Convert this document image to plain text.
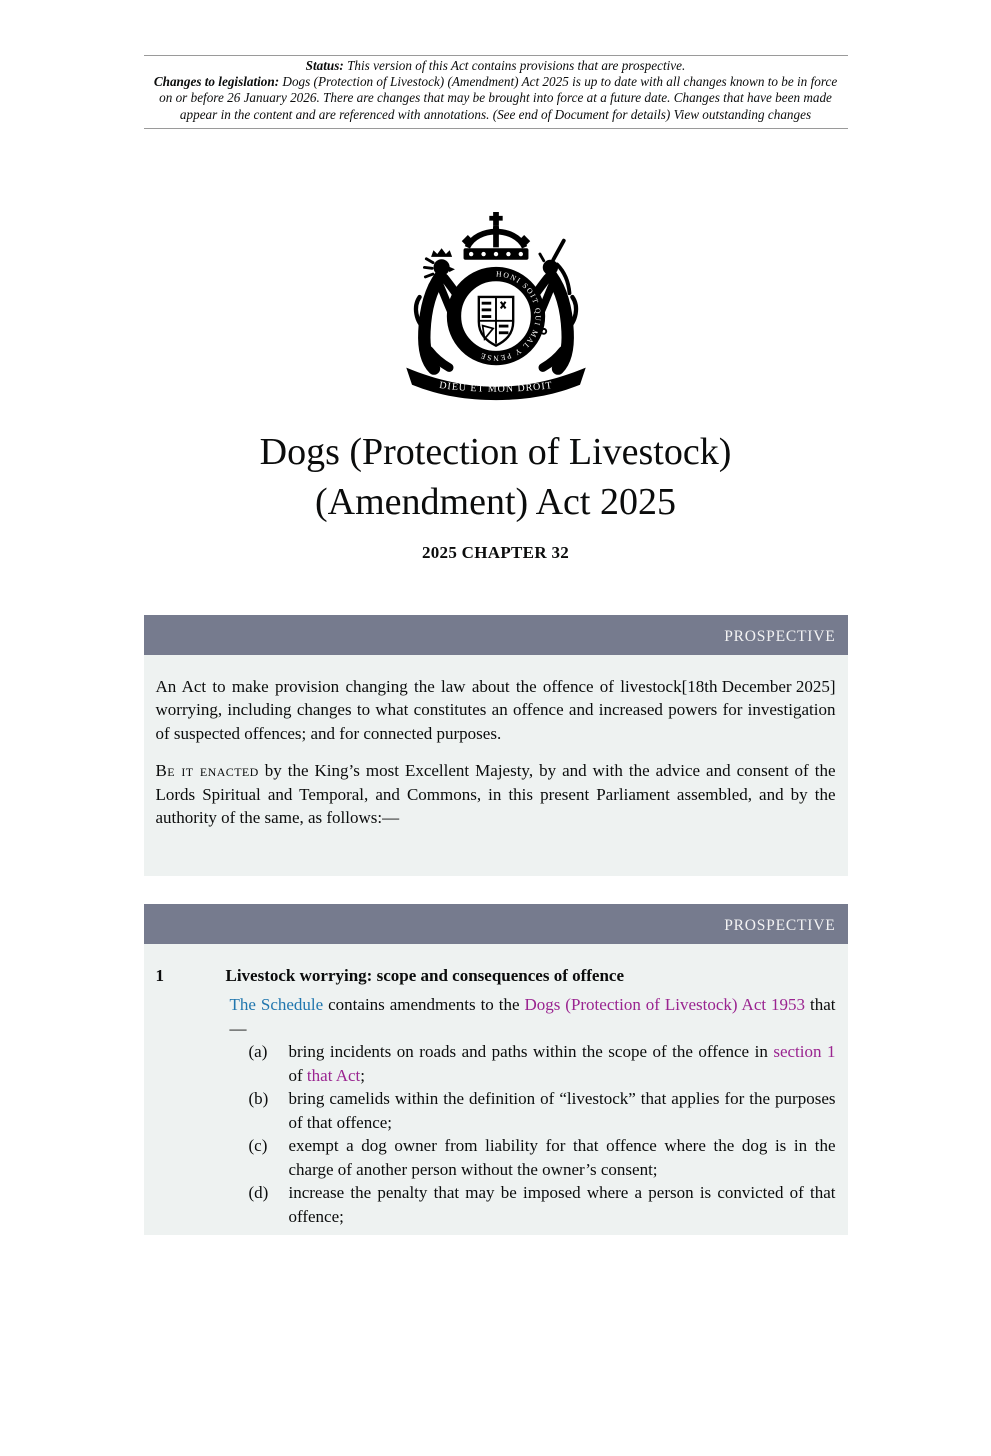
Status: This version of this Act contains provisions that are prospective.

Changes to legislation: Dogs (Protection of Livestock) (Amendment) Act 2025 is up to date with all changes known to be in force on or before 26 January 2026. There are changes that may be brought into force at a future date. Changes that have been made appear in the content and are referenced with annotations. (See end of Document for details) View outstanding changes

HONI SOIT QUI MAL Y PENSE
DIEU ET MON DROIT
Dogs (Protection of Livestock)
(Amendment) Act 2025
2025 CHAPTER 32
PROSPECTIVE

[18th December 2025]
An Act to make provision changing the law about the offence of livestock worrying, including changes to what constitutes an offence and increased powers for investigation of suspected offences; and for connected purposes.

Be it enacted by the King’s most Excellent Majesty, by and with the advice and consent of the Lords Spiritual and Temporal, and Commons, in this present Parliament assembled, and by the authority of the same, as follows:—

PROSPECTIVE
1	Livestock worrying: scope and consequences of offence

The Schedule contains amendments to the Dogs (Protection of Livestock) Act 1953 that—

(a)	bring incidents on roads and paths within the scope of the offence in section 1 of that Act;
(b)	bring camelids within the definition of “livestock” that applies for the purposes of that offence;
(c)	exempt a dog owner from liability for that offence where the dog is in the charge of another person without the owner’s consent;
(d)	increase the penalty that may be imposed where a person is convicted of that offence;
